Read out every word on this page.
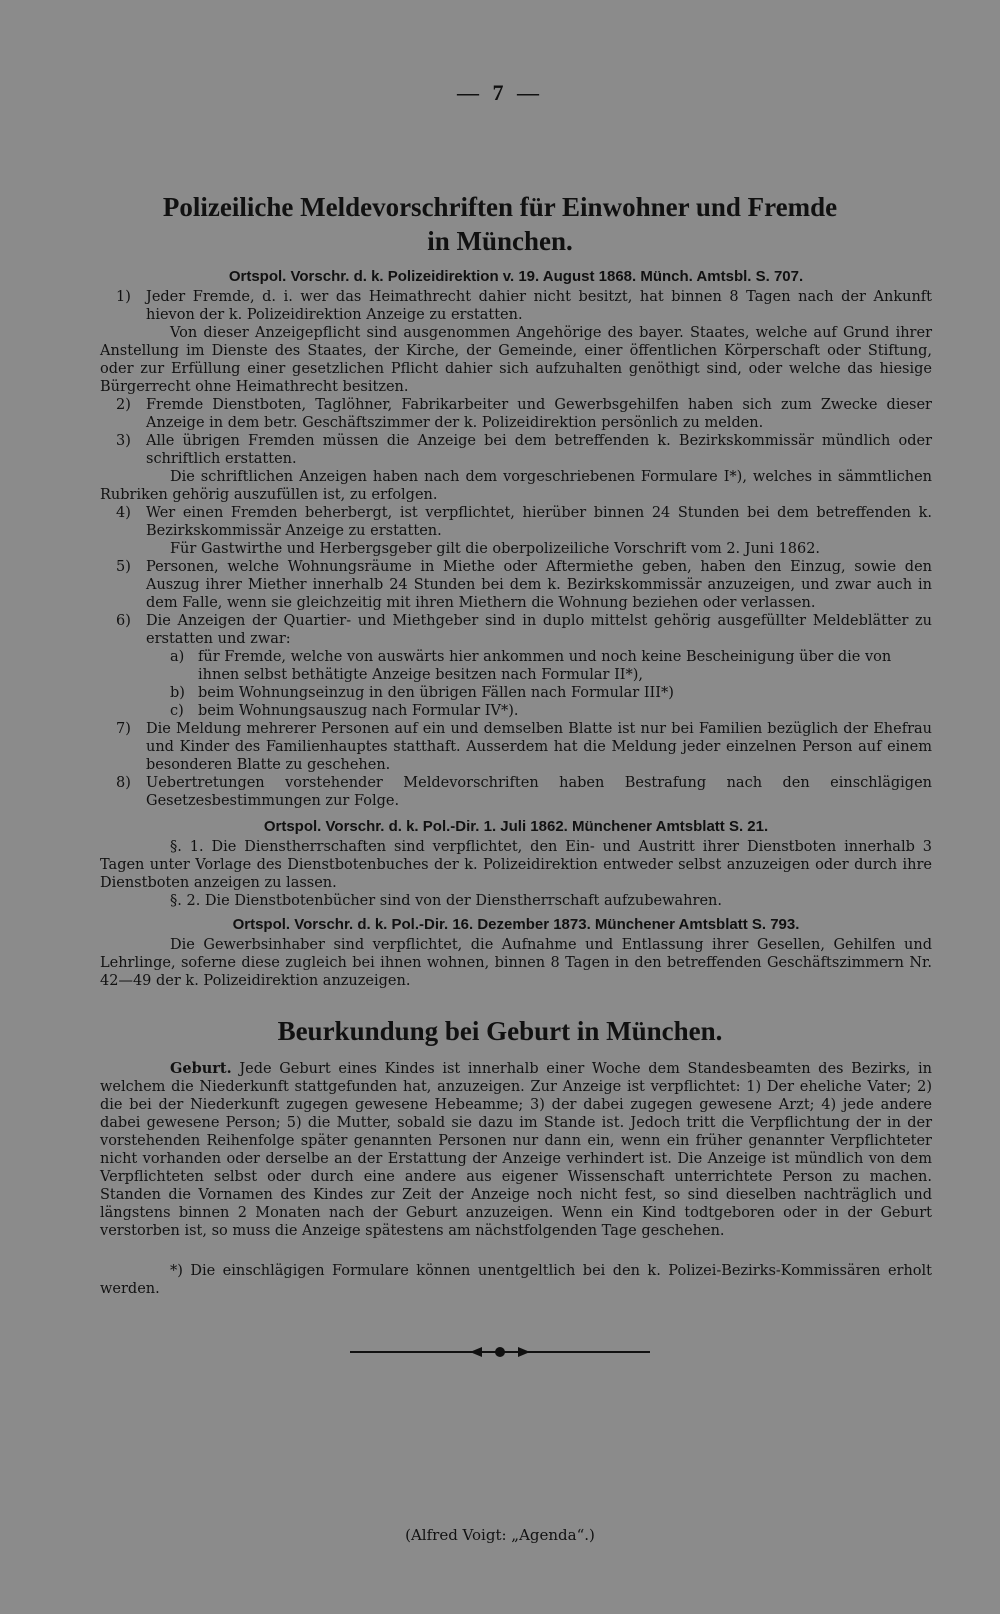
— 7 —
Polizeiliche Meldevorschriften für Einwohner und Fremde
in München.
Ortspol. Vorschr. d. k. Polizeidirektion v. 19. August 1868. Münch. Amtsbl. S. 707.
1)	Jeder Fremde, d. i. wer das Heimathrecht dahier nicht besitzt, hat binnen 8 Tagen nach der Ankunft hievon der k. Polizeidirektion Anzeige zu erstatten.

Von dieser Anzeigepflicht sind ausgenommen Angehörige des bayer. Staates, welche auf Grund ihrer Anstellung im Dienste des Staates, der Kirche, der Gemeinde, einer öffentlichen Körperschaft oder Stiftung, oder zur Erfüllung einer gesetzlichen Pflicht dahier sich aufzuhalten genöthigt sind, oder welche das hiesige Bürgerrecht ohne Heimathrecht besitzen.

2)	Fremde Dienstboten, Taglöhner, Fabrikarbeiter und Gewerbsgehilfen haben sich zum Zwecke dieser Anzeige in dem betr. Geschäftszimmer der k. Polizeidirektion persönlich zu melden.
3)	Alle übrigen Fremden müssen die Anzeige bei dem betreffenden k. Bezirkskommissär mündlich oder schriftlich erstatten.

Die schriftlichen Anzeigen haben nach dem vorgeschriebenen Formulare I*), welches in sämmtlichen Rubriken gehörig auszufüllen ist, zu erfolgen.

4)	Wer einen Fremden beherbergt, ist verpflichtet, hierüber binnen 24 Stunden bei dem betreffenden k. Bezirkskommissär Anzeige zu erstatten.

Für Gastwirthe und Herbergsgeber gilt die oberpolizeiliche Vorschrift vom 2. Juni 1862.

5)	Personen, welche Wohnungsräume in Miethe oder Aftermiethe geben, haben den Einzug, sowie den Auszug ihrer Miether innerhalb 24 Stunden bei dem k. Bezirkskommissär anzuzeigen, und zwar auch in dem Falle, wenn sie gleichzeitig mit ihren Miethern die Wohnung beziehen oder verlassen.
6)	Die Anzeigen der Quartier- und Miethgeber sind in duplo mittelst gehörig ausgefüllter Meldeblätter zu erstatten und zwar:
a) für Fremde, welche von auswärts hier ankommen und noch keine Bescheinigung über die von ihnen selbst bethätigte Anzeige besitzen nach Formular II*),
b) beim Wohnungseinzug in den übrigen Fällen nach Formular III*)
c) beim Wohnungsauszug nach Formular IV*).
7)	Die Meldung mehrerer Personen auf ein und demselben Blatte ist nur bei Familien bezüglich der Ehefrau und Kinder des Familienhauptes statthaft. Ausserdem hat die Meldung jeder einzelnen Person auf einem besonderen Blatte zu geschehen.
8)	Uebertretungen vorstehender Meldevorschriften haben Bestrafung nach den einschlägigen Gesetzesbestimmungen zur Folge.
Ortspol. Vorschr. d. k. Pol.-Dir. 1. Juli 1862. Münchener Amtsblatt S. 21.

§. 1. Die Dienstherrschaften sind verpflichtet, den Ein- und Austritt ihrer Dienstboten innerhalb 3 Tagen unter Vorlage des Dienstbotenbuches der k. Polizeidirektion entweder selbst anzuzeigen oder durch ihre Dienstboten anzeigen zu lassen.

§. 2. Die Dienstbotenbücher sind von der Dienstherrschaft aufzubewahren.

Ortspol. Vorschr. d. k. Pol.-Dir. 16. Dezember 1873. Münchener Amtsblatt S. 793.

Die Gewerbsinhaber sind verpflichtet, die Aufnahme und Entlassung ihrer Gesellen, Gehilfen und Lehrlinge, soferne diese zugleich bei ihnen wohnen, binnen 8 Tagen in den betreffenden Geschäftszimmern Nr. 42—49 der k. Polizeidirektion anzuzeigen.

Beurkundung bei Geburt in München.

Geburt. Jede Geburt eines Kindes ist innerhalb einer Woche dem Standesbeamten des Bezirks, in welchem die Niederkunft stattgefunden hat, anzuzeigen. Zur Anzeige ist verpflichtet: 1) Der eheliche Vater; 2) die bei der Niederkunft zugegen gewesene Hebeamme; 3) der dabei zugegen gewesene Arzt; 4) jede andere dabei gewesene Person; 5) die Mutter, sobald sie dazu im Stande ist. Jedoch tritt die Verpflichtung der in der vorstehenden Reihenfolge später genannten Personen nur dann ein, wenn ein früher genannter Verpflichteter nicht vorhanden oder derselbe an der Erstattung der Anzeige verhindert ist. Die Anzeige ist mündlich von dem Verpflichteten selbst oder durch eine andere aus eigener Wissenschaft unterrichtete Person zu machen. Standen die Vornamen des Kindes zur Zeit der Anzeige noch nicht fest, so sind dieselben nachträglich und längstens binnen 2 Monaten nach der Geburt anzuzeigen. Wenn ein Kind todtgeboren oder in der Geburt verstorben ist, so muss die Anzeige spätestens am nächstfolgenden Tage geschehen.

*) Die einschlägigen Formulare können unentgeltlich bei den k. Polizei-Bezirks-Kommissären erholt werden.

(Alfred Voigt: „Agenda“.)
